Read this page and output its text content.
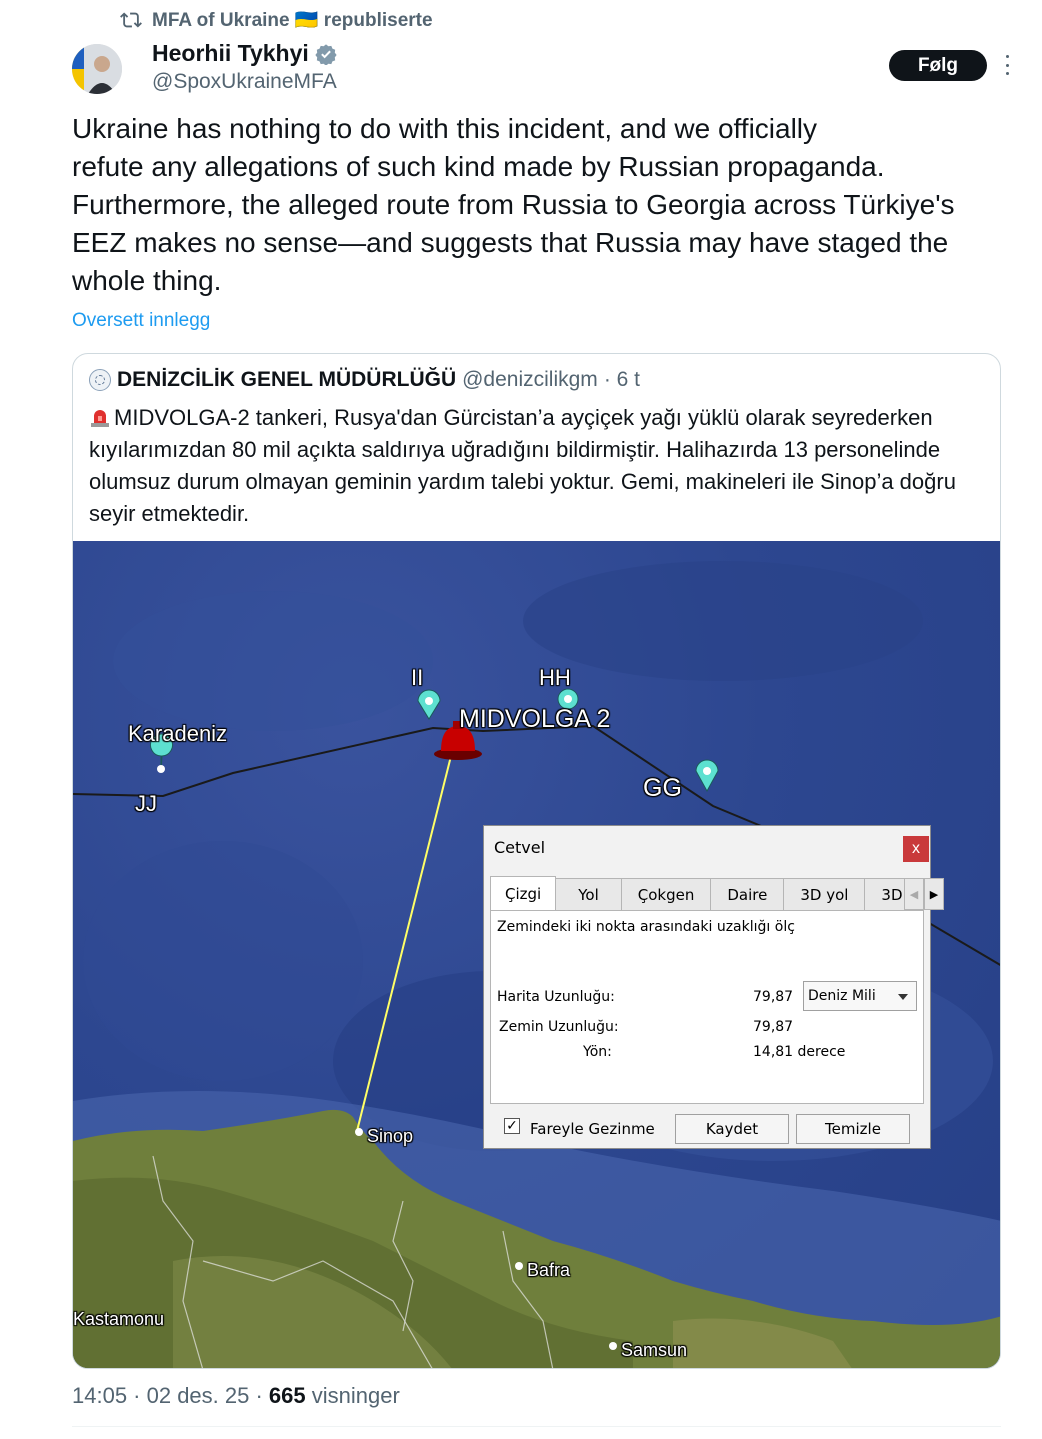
MFA of Ukraine 🇺🇦 republiserte
Heorhii Tykhyi
@SpoxUkraineMFA
Følg
Ukraine has nothing to do with this incident, and we officially
refute any allegations of such kind made by Russian propaganda.
Furthermore, the alleged route from Russia to Georgia across Türkiye's
EEZ makes no sense—and suggests that Russia may have staged the
whole thing.
Oversett innlegg
DENİZCİLİK GENEL MÜDÜRLÜĞÜ @denizcilikgm · 6 t
MIDVOLGA-2 tankeri, Rusya'dan Gürcistan’a ayçiçek yağı yüklü olarak seyrederken kıyılarımızdan 80 mil açıkta saldırıya uğradığını bildirmiştir. Halihazırda 13 personelinde olumsuz durum olmayan geminin yardım talebi yoktur. Gemi, makineleri ile Sinop’a doğru seyir etmektedir.
Karadeniz
JJ
II	HH
MIDVOLGA 2
GG
Sinop
Bafra
Kastamonu
Samsun
Cetvel	x
Çizgi	Yol	Çokgen	Daire	3D yol	3D ◀	▶
Zemindeki iki nokta arasındaki uzaklığı ölç
Harita Uzunluğu:	79,87 Deniz Mili
Zemin Uzunluğu:	79,87
Yön:	14,81 derece
✓ Fareyle Gezinme	Kaydet	Temizle
14:05 · 02 des. 25 · 665 visninger
